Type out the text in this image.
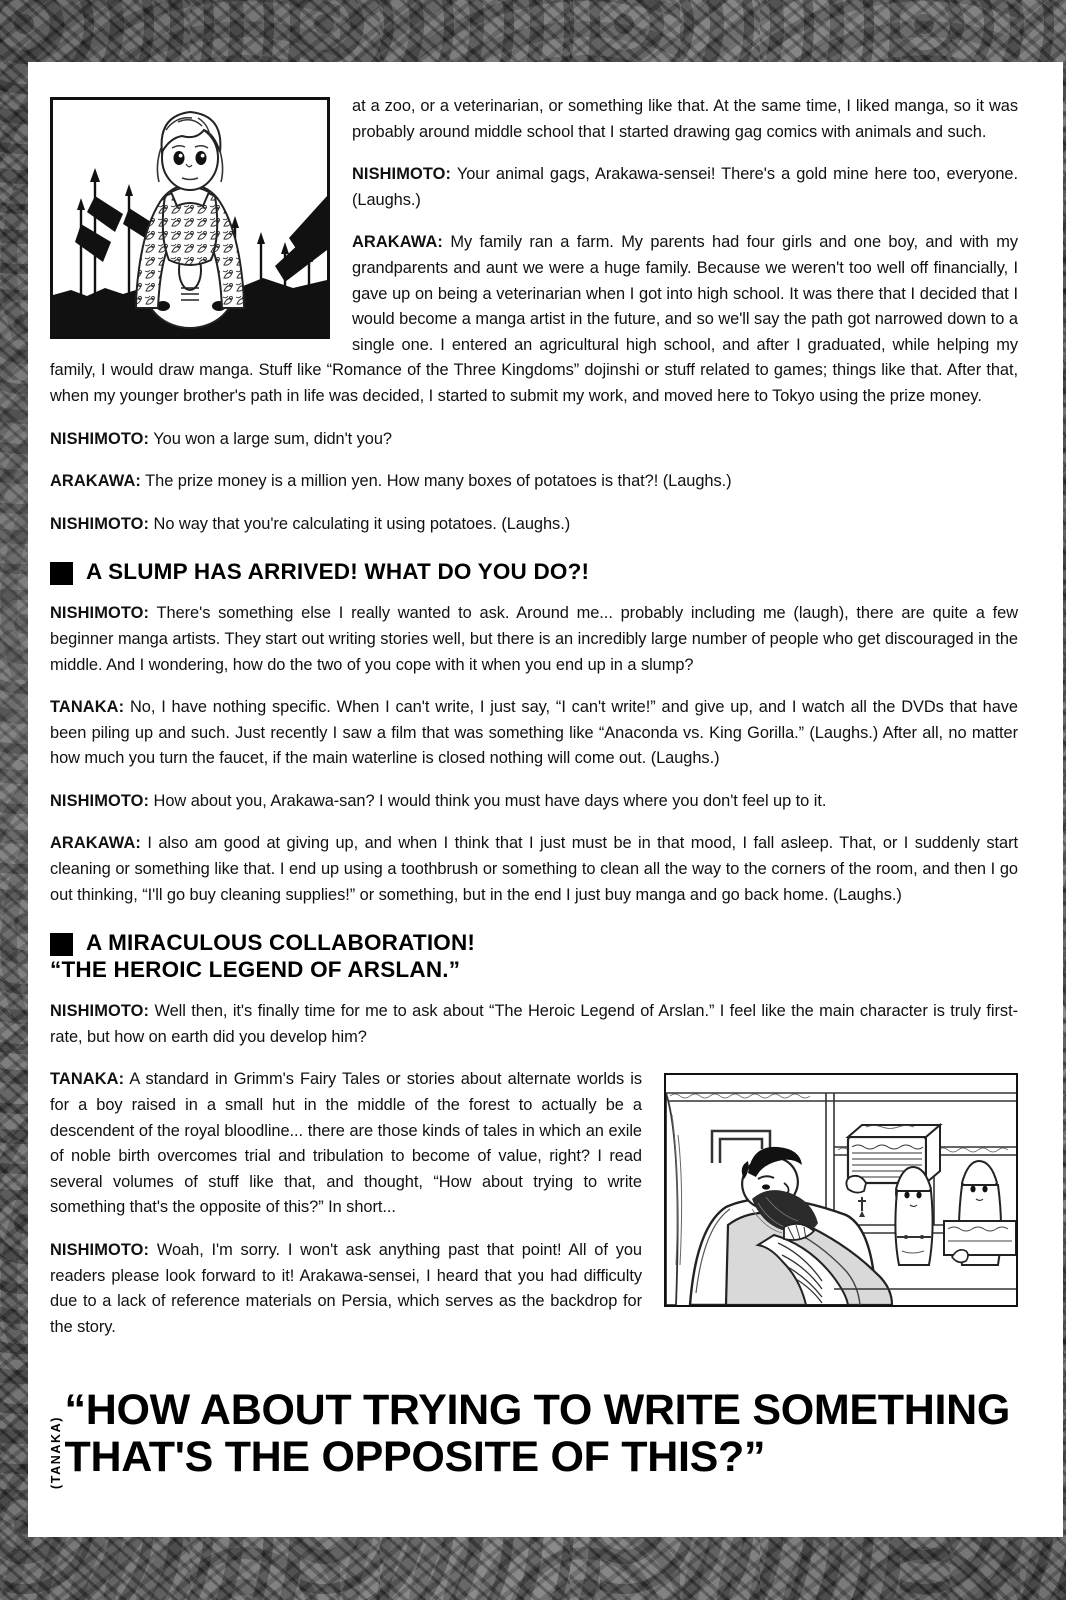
at a zoo, or a veterinarian, or something like that. At the same time, I liked manga, so it was probably around middle school that I started drawing gag comics with animals and such.

NISHIMOTO: Your animal gags, Arakawa-sensei! There's a gold mine here too, everyone. (Laughs.)

ARAKAWA: My family ran a farm. My parents had four girls and one boy, and with my grandparents and aunt we were a huge family. Because we weren't too well off financially, I gave up on being a veterinarian when I got into high school. It was there that I decided that I would become a manga artist in the future, and so we'll say the path got narrowed down to a single one. I entered an agricultural high school, and after I graduated, while helping my family, I would draw manga. Stuff like “Romance of the Three Kingdoms” dojinshi or stuff related to games; things like that. After that, when my younger brother's path in life was decided, I started to submit my work, and moved here to Tokyo using the prize money.

NISHIMOTO: You won a large sum, didn't you?

ARAKAWA: The prize money is a million yen. How many boxes of potatoes is that?! (Laughs.)

NISHIMOTO: No way that you're calculating it using potatoes. (Laughs.)

A SLUMP HAS ARRIVED! WHAT DO YOU DO?!

NISHIMOTO: There's something else I really wanted to ask. Around me... probably including me (laugh), there are quite a few beginner manga artists. They start out writing stories well, but there is an incredibly large number of people who get discouraged in the middle. And I wondering, how do the two of you cope with it when you end up in a slump?

TANAKA: No, I have nothing specific. When I can't write, I just say, “I can't write!” and give up, and I watch all the DVDs that have been piling up and such. Just recently I saw a film that was something like “Anaconda vs. King Gorilla.” (Laughs.) After all, no matter how much you turn the faucet, if the main waterline is closed nothing will come out. (Laughs.)

NISHIMOTO: How about you, Arakawa-san? I would think you must have days where you don't feel up to it.

ARAKAWA: I also am good at giving up, and when I think that I just must be in that mood, I fall asleep. That, or I suddenly start cleaning or something like that. I end up using a toothbrush or something to clean all the way to the corners of the room, and then I go out thinking, “I'll go buy cleaning supplies!” or something, but in the end I just buy manga and go back home. (Laughs.)

A MIRACULOUS COLLABORATION!
“THE HEROIC LEGEND OF ARSLAN.”

NISHIMOTO: Well then, it's finally time for me to ask about “The Heroic Legend of Arslan.” I feel like the main character is truly first-rate, but how on earth did you develop him?

TANAKA: A standard in Grimm's Fairy Tales or stories about alternate worlds is for a boy raised in a small hut in the middle of the forest to actually be a descendent of the royal bloodline... there are those kinds of tales in which an exile of noble birth overcomes trial and tribulation to become of value, right? I read several volumes of stuff like that, and thought, “How about trying to write something that's the opposite of this?” In short...

NISHIMOTO: Woah, I'm sorry. I won't ask anything past that point! All of you readers please look forward to it! Arakawa-sensei, I heard that you had difficulty due to a lack of reference materials on Persia, which serves as the backdrop for the story.

(TANAKA)
“HOW ABOUT TRYING TO WRITE SOMETHING
THAT'S THE OPPOSITE OF THIS?”
